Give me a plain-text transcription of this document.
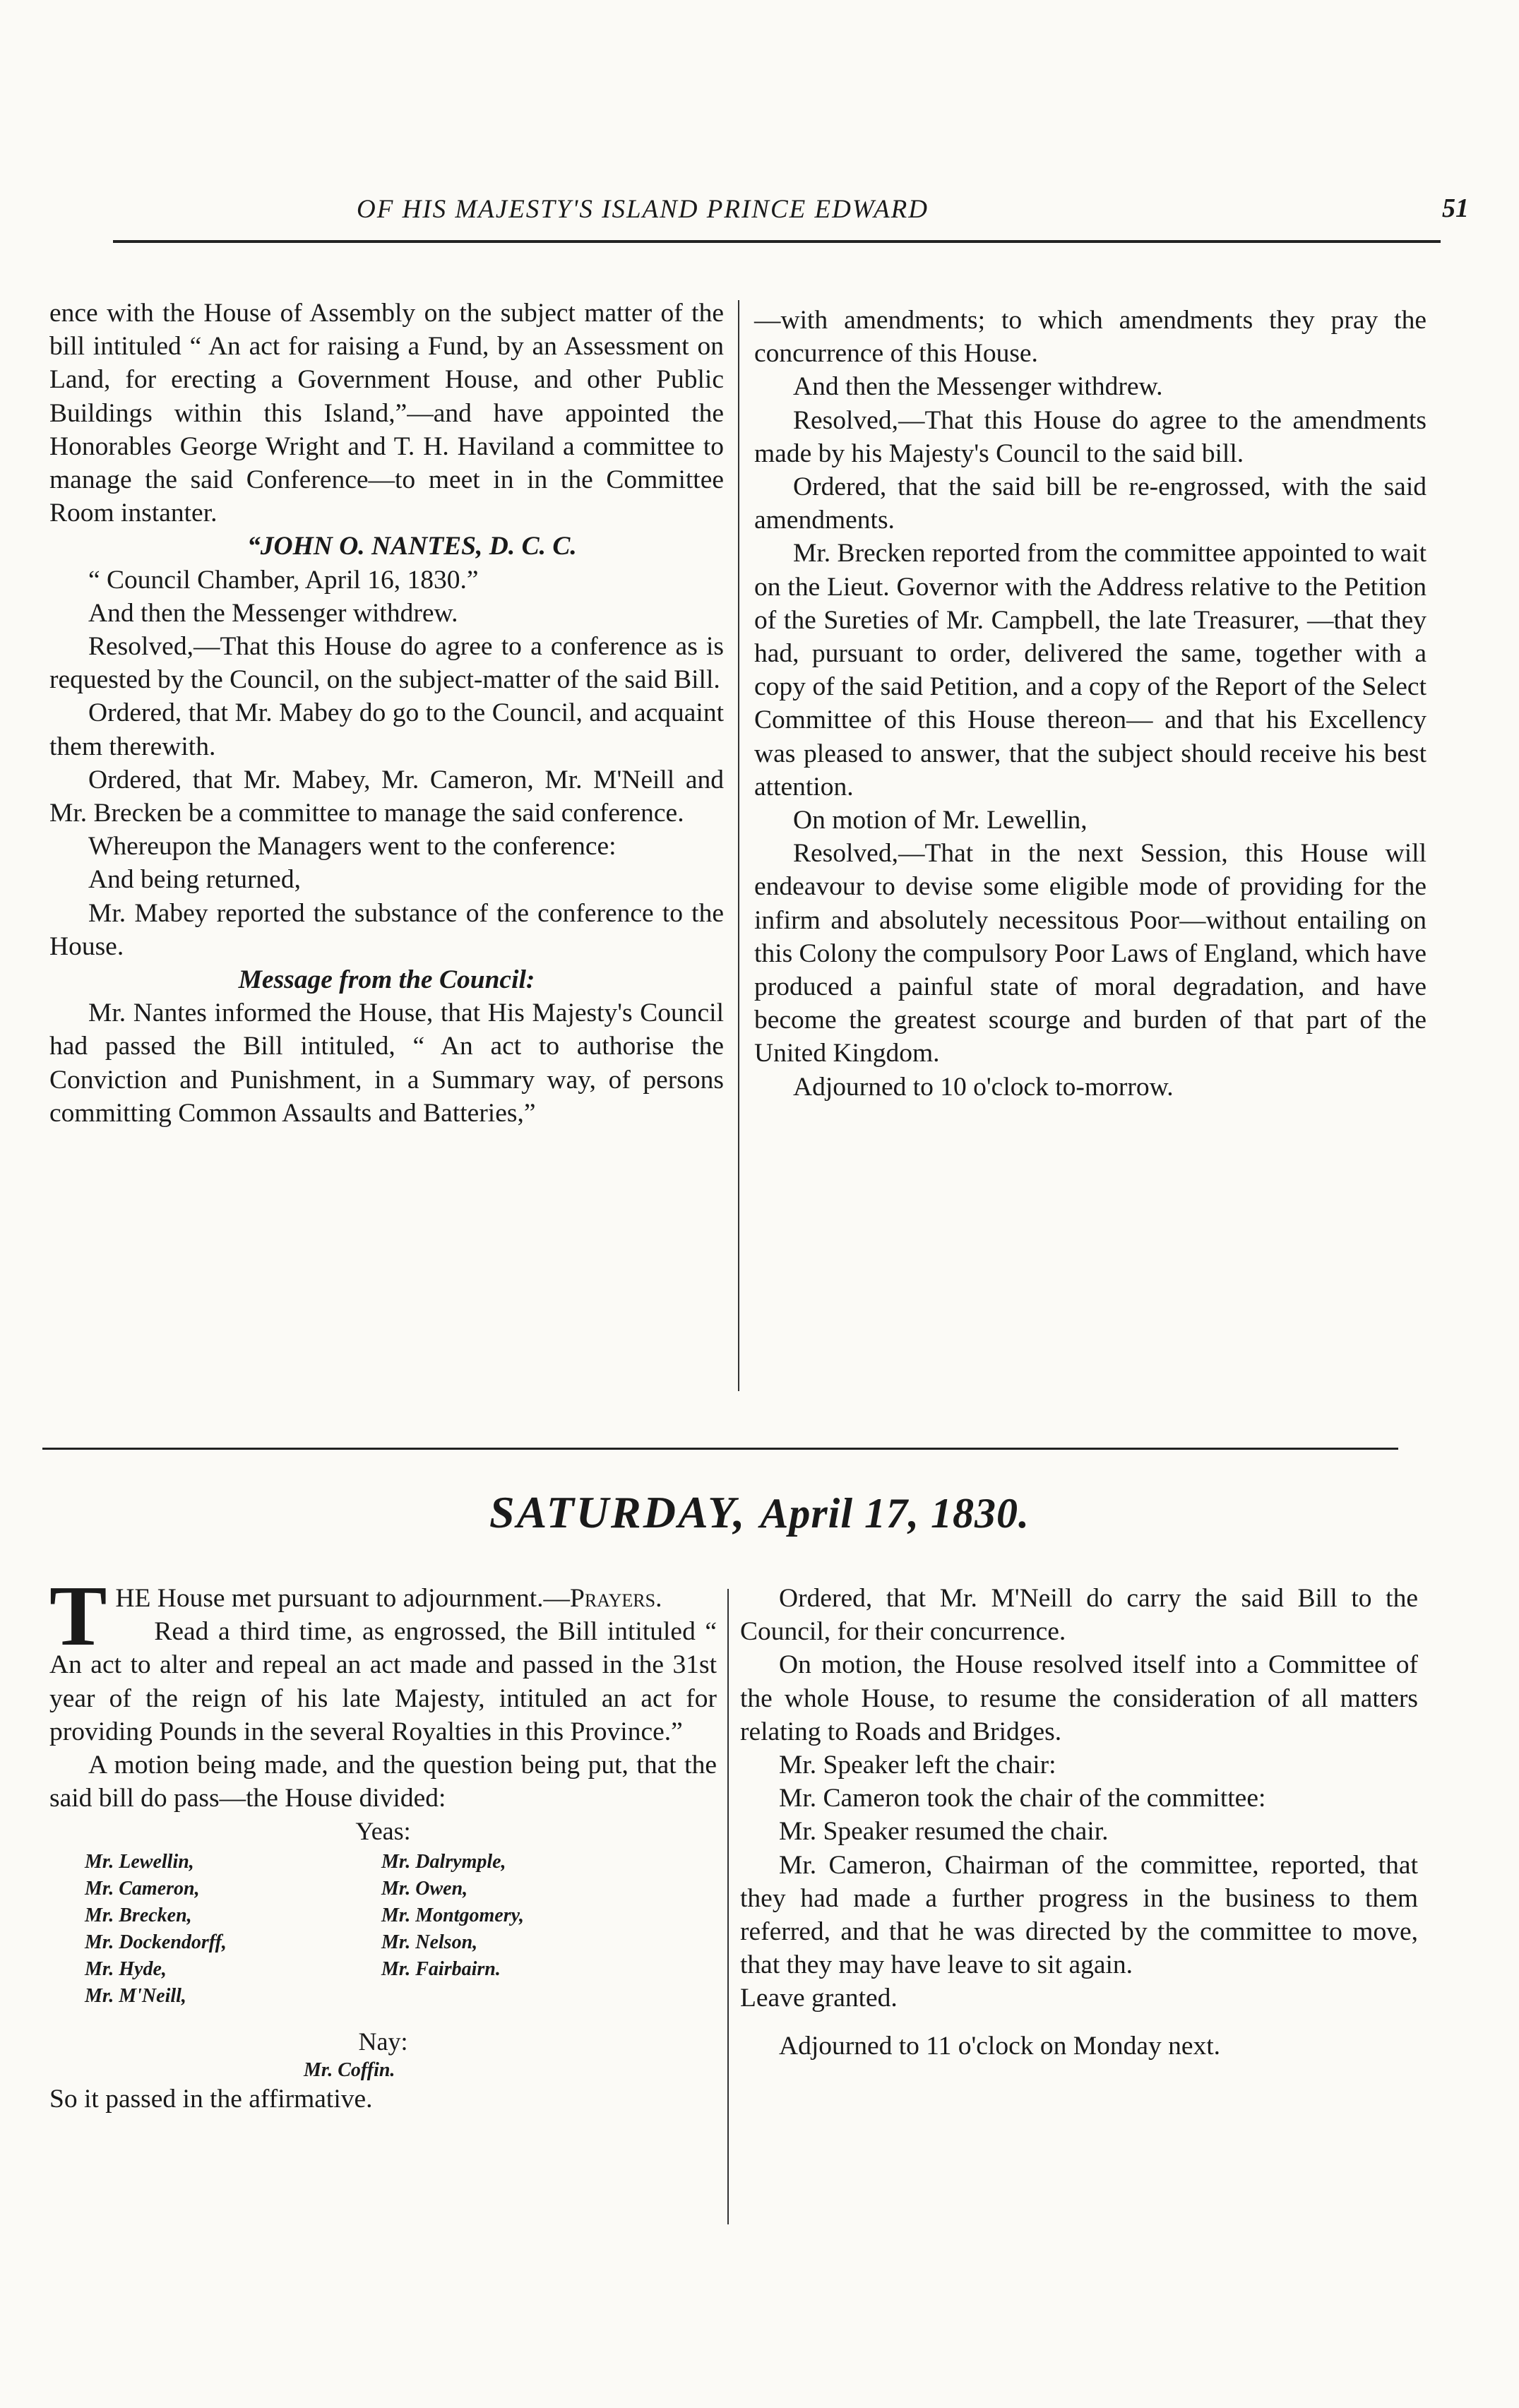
OF HIS MAJESTY'S ISLAND PRINCE EDWARD	51

ence with the House of Assembly on the subject matter of the bill intituled “ An act for raising a Fund, by an Assessment on Land, for erecting a Government House, and other Public Buildings within this Island,”—and have appointed the Honorables George Wright and T. H. Haviland a committee to manage the said Conference—to meet in in the Committee Room instanter.

“JOHN O. NANTES, D. C. C.

“ Council Chamber, April 16, 1830.”

And then the Messenger withdrew.

Resolved,—That this House do agree to a conference as is requested by the Council, on the subject-matter of the said Bill.

Ordered, that Mr. Mabey do go to the Council, and acquaint them therewith.

Ordered, that Mr. Mabey, Mr. Cameron, Mr. M'Neill and Mr. Brecken be a committee to manage the said conference.

Whereupon the Managers went to the conference:

And being returned,

Mr. Mabey reported the substance of the conference to the House.

Message from the Council:

Mr. Nantes informed the House, that His Majesty's Council had passed the Bill intituled, “ An act to authorise the Conviction and Punishment, in a Summary way, of persons committing Common Assaults and Batteries,”

—with amendments; to which amendments they pray the concurrence of this House.

And then the Messenger withdrew.

Resolved,—That this House do agree to the amendments made by his Majesty's Council to the said bill.

Ordered, that the said bill be re-engrossed, with the said amendments.

Mr. Brecken reported from the committee appointed to wait on the Lieut. Governor with the Address relative to the Petition of the Sureties of Mr. Campbell, the late Treasurer, —that they had, pursuant to order, delivered the same, together with a copy of the said Petition, and a copy of the Report of the Select Committee of this House thereon— and that his Excellency was pleased to answer, that the subject should receive his best attention.

On motion of Mr. Lewellin,

Resolved,—That in the next Session, this House will endeavour to devise some eligible mode of providing for the infirm and absolutely necessitous Poor—without entailing on this Colony the compulsory Poor Laws of England, which have produced a painful state of moral degradation, and have become the greatest scourge and burden of that part of the United Kingdom.

Adjourned to 10 o'clock to-morrow.

SATURDAY, April 17, 1830.

THE House met pursuant to adjournment.—Prayers.

Read a third time, as engrossed, the Bill intituled “ An act to alter and repeal an act made and passed in the 31st year of the reign of his late Majesty, intituled an act for providing Pounds in the several Royalties in this Province.”

A motion being made, and the question being put, that the said bill do pass—the House divided:

Yeas:

Mr. Lewellin,
Mr. Cameron,
Mr. Brecken,
Mr. Dockendorff,
Mr. Hyde,
Mr. M'Neill,
Mr. Dalrymple,
Mr. Owen,
Mr. Montgomery,
Mr. Nelson,
Mr. Fairbairn.

Nay:

Mr. Coffin.

So it passed in the affirmative.

Ordered, that Mr. M'Neill do carry the said Bill to the Council, for their concurrence.

On motion, the House resolved itself into a Committee of the whole House, to resume the consideration of all matters relating to Roads and Bridges.

Mr. Speaker left the chair:

Mr. Cameron took the chair of the committee:

Mr. Speaker resumed the chair.

Mr. Cameron, Chairman of the committee, reported, that they had made a further progress in the business to them referred, and that he was directed by the committee to move, that they may have leave to sit again.

Leave granted.

Adjourned to 11 o'clock on Monday next.
